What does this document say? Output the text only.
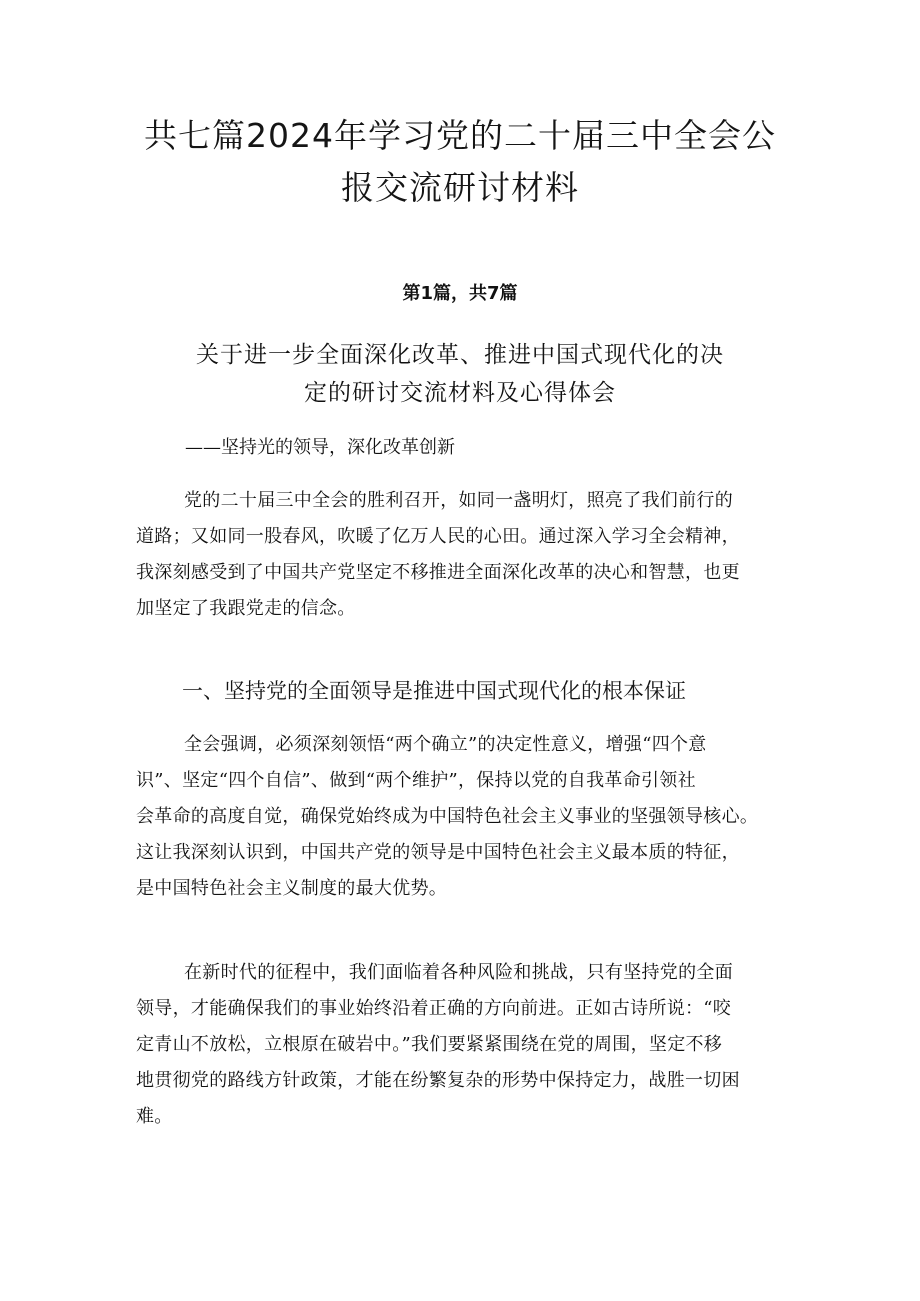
共七篇2024年学习党的二十届三中全会公
报交流研讨材料

第1篇，共7篇

关于进一步全面深化改革、推进中国式现代化的决
定的研讨交流材料及心得体会

——坚持光的领导，深化改革创新

党的二十届三中全会的胜利召开，如同一盏明灯，照亮了我们前行的
道路；又如同一股春风，吹暖了亿万人民的心田。通过深入学习全会精神，
我深刻感受到了中国共产党坚定不移推进全面深化改革的决心和智慧，也更
加坚定了我跟党走的信念。

一、坚持党的全面领导是推进中国式现代化的根本保证

全会强调，必须深刻领悟“两个确立”的决定性意义，增强“四个意
识”、坚定“四个自信”、做到“两个维护”，保持以党的自我革命引领社
会革命的高度自觉，确保党始终成为中国特色社会主义事业的坚强领导核心。
这让我深刻认识到，中国共产党的领导是中国特色社会主义最本质的特征，
是中国特色社会主义制度的最大优势。

在新时代的征程中，我们面临着各种风险和挑战，只有坚持党的全面
领导，才能确保我们的事业始终沿着正确的方向前进。正如古诗所说：“咬
定青山不放松，立根原在破岩中。”我们要紧紧围绕在党的周围，坚定不移
地贯彻党的路线方针政策，才能在纷繁复杂的形势中保持定力，战胜一切困
难。
